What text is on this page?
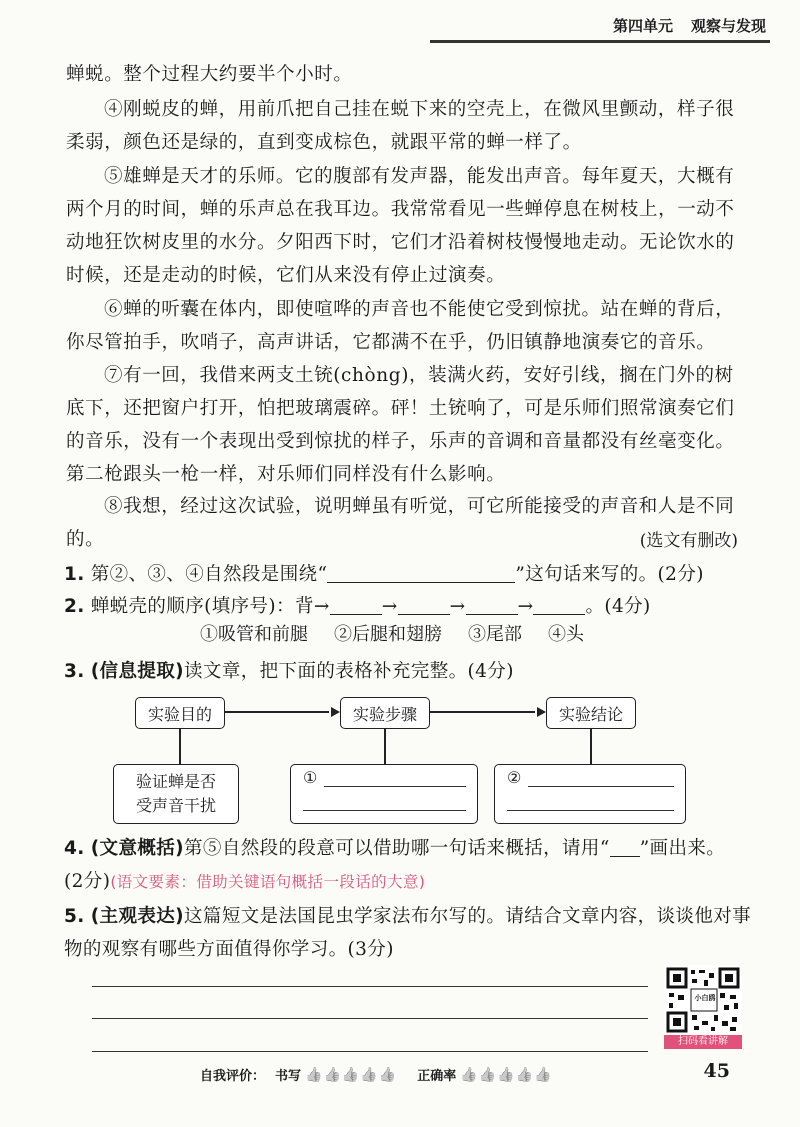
第四单元 观察与发现
蝉蜕。整个过程大约要半个小时。
④刚蜕皮的蝉，用前爪把自己挂在蜕下来的空壳上，在微风里颤动，样子很柔弱，颜色还是绿的，直到变成棕色，就跟平常的蝉一样了。
⑤雄蝉是天才的乐师。它的腹部有发声器，能发出声音。每年夏天，大概有两个月的时间，蝉的乐声总在我耳边。我常常看见一些蝉停息在树枝上，一动不动地狂饮树皮里的水分。夕阳西下时，它们才沿着树枝慢慢地走动。无论饮水的时候，还是走动的时候，它们从来没有停止过演奏。
⑥蝉的听囊在体内，即使喧哗的声音也不能使它受到惊扰。站在蝉的背后，你尽管拍手，吹哨子，高声讲话，它都满不在乎，仍旧镇静地演奏它的音乐。
⑦有一回，我借来两支土铳(chòng)，装满火药，安好引线，搁在门外的树底下，还把窗户打开，怕把玻璃震碎。砰！土铳响了，可是乐师们照常演奏它们的音乐，没有一个表现出受到惊扰的样子，乐声的音调和音量都没有丝毫变化。第二枪跟头一枪一样，对乐师们同样没有什么影响。
⑧我想，经过这次试验，说明蝉虽有听觉，可它所能接受的声音和人是不同的。	(选文有删改)
1. 第②、③、④自然段是围绕“	”这句话来写的。(2分)
2. 蝉蜕壳的顺序(填序号)：背→	→	→	→	。(4分)
①吸管和前腿 ②后腿和翅膀 ③尾部 ④头
3. (信息提取)读文章，把下面的表格补充完整。(4分)
实验目的	实验步骤	实验结论
验证蝉是否
受声音干扰
①	②
4. (文意概括)第⑤自然段的段意可以借助哪一句话来概括，请用“ ”画出来。
(2分)(语文要素：借助关键语句概括一段话的大意)
5. (主观表达)这篇短文是法国昆虫学家法布尔写的。请结合文章内容，谈谈他对事物的观察有哪些方面值得你学习。(3分)
小白鸥
扫码看讲解
自我评价： 书写 👍👍👍👍👍 正确率 👍👍👍👍👍	45
